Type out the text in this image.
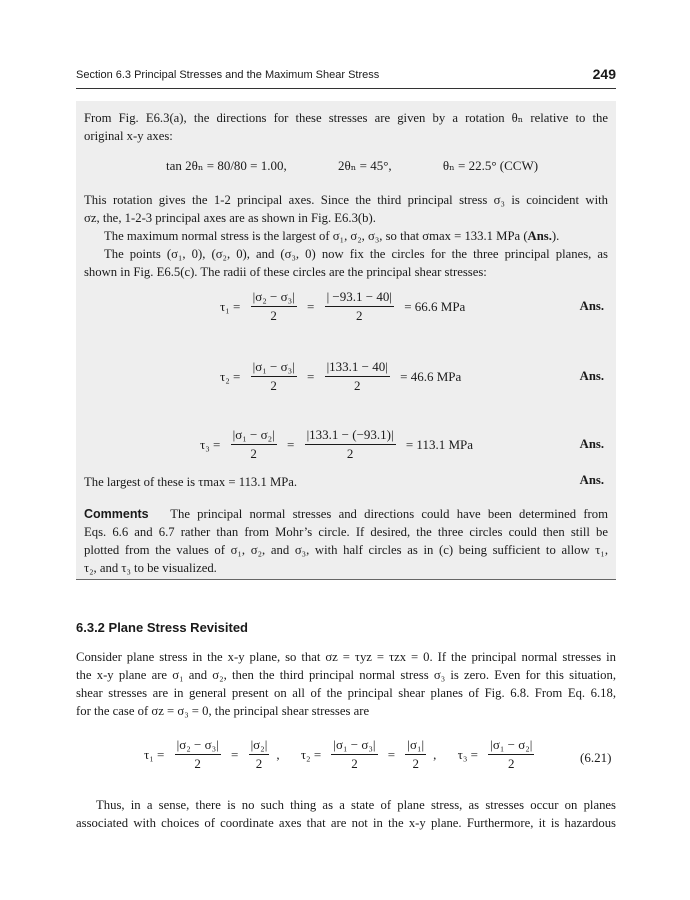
Section 6.3 Principal Stresses and the Maximum Shear Stress	249

From Fig. E6.3(a), the directions for these stresses are given by a rotation θₙ relative to the

original x-y axes:

tan 2θₙ = 80/80 = 1.00,	2θₙ = 45°,	θₙ = 22.5° (CCW)

This rotation gives the 1-2 principal axes. Since the third principal stress σ₃ is coincident with

σz, the, 1-2-3 principal axes are as shown in Fig. E6.3(b).

The maximum normal stress is the largest of σ₁, σ₂, σ₃, so that σmax = 133.1 MPa (Ans.).

The points (σ₁, 0), (σ₂, 0), and (σ₃, 0) now fix the circles for the three principal planes, as

shown in Fig. E6.5(c). The radii of these circles are the principal shear stresses:

$\tau_1 = \frac{\text{|σ₂ − σ₃|}}{2} = \frac{| -93.1 - 40|}{2} = 66.6$ MPa	Ans.
$\tau_2 = \frac{\text{|σ₁ − σ₃|}}{2} = \frac{|133.1 - 40|}{2} = 46.6$ MPa	Ans.
$\tau_3 = \frac{\text{|σ₁ − σ₂|}}{2} = \frac{|133.1 - (-93.1)|}{2} = 113.1$ MPa	Ans.

The largest of these is τmax = 113.1 MPa.	Ans.

Comments The principal normal stresses and directions could have been determined from

Eqs. 6.6 and 6.7 rather than from Mohr’s circle. If desired, the three circles could then still be

plotted from the values of σ₁, σ₂, and σ₃, with half circles as in (c) being sufficient to allow τ₁,

τ₂, and τ₃ to be visualized.

6.3.2 Plane Stress Revisited

Consider plane stress in the x-y plane, so that σz = τyz = τzx = 0. If the principal normal stresses in

the x-y plane are σ₁ and σ₂, then the third principal normal stress σ₃ is zero. Even for this situation,

shear stresses are in general present on all of the principal shear planes of Fig. 6.8. From Eq. 6.18,

for the case of σz = σ₃ = 0, the principal shear stresses are

$\tau_1 = \frac{\text{|σ₂ − σ₃|}}{2} = \frac{\text{|σ₂|}}{2}$ , $\tau_2 = \frac{\text{|σ₁ − σ₃|}}{2} = \frac{\text{|σ₁|}}{2}$ , $\tau_3 = \frac{\text{|σ₁ − σ₂|}}{2}$	(6.21)

Thus, in a sense, there is no such thing as a state of plane stress, as stresses occur on planes

associated with choices of coordinate axes that are not in the x-y plane. Furthermore, it is hazardous
